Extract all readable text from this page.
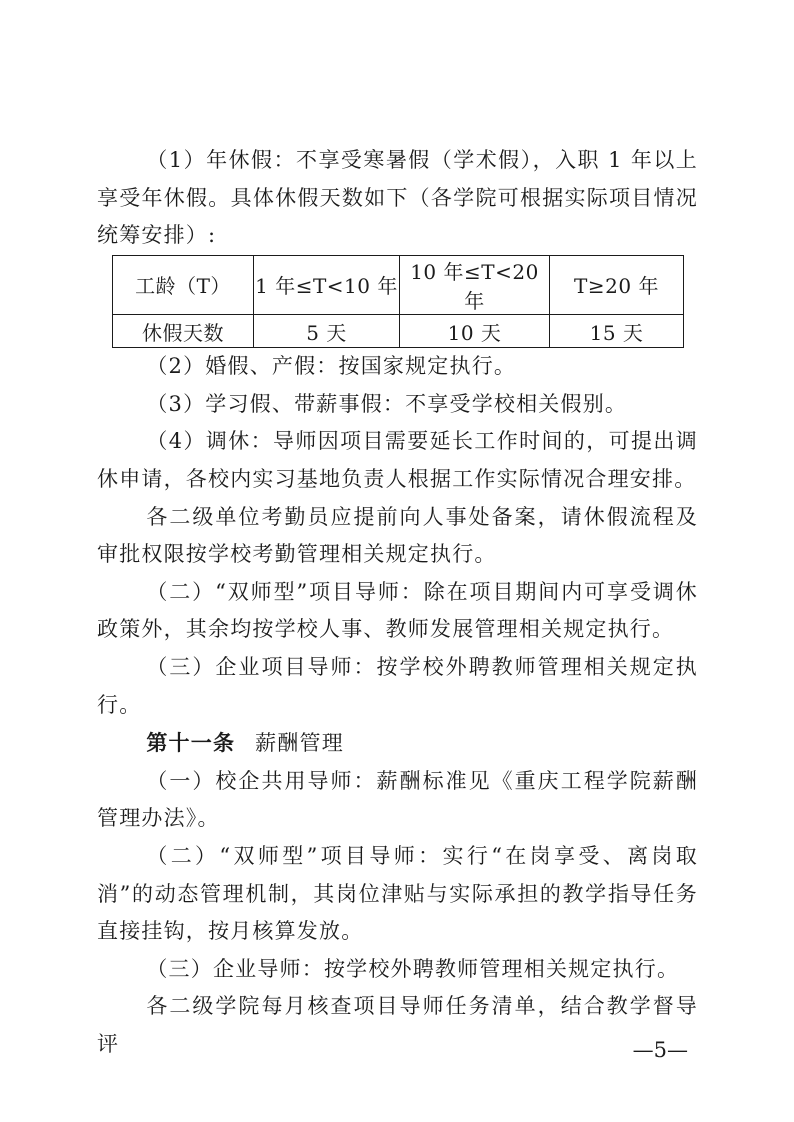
（1）年休假：不享受寒暑假（学术假），入职 1 年以上享受年休假。具体休假天数如下（各学院可根据实际项目情况统筹安排）:

工龄（T）	1 年≤T<10 年	10 年≤T<20 年	T≥20 年
休假天数	5 天	10 天	15 天

（2）婚假、产假：按国家规定执行。

（3）学习假、带薪事假：不享受学校相关假别。

（4）调休：导师因项目需要延长工作时间的，可提出调休申请，各校内实习基地负责人根据工作实际情况合理安排。

各二级单位考勤员应提前向人事处备案，请休假流程及审批权限按学校考勤管理相关规定执行。

（二）“双师型”项目导师：除在项目期间内可享受调休政策外，其余均按学校人事、教师发展管理相关规定执行。

（三）企业项目导师：按学校外聘教师管理相关规定执行。

第十一条 薪酬管理

（一）校企共用导师：薪酬标准见《重庆工程学院薪酬管理办法》。

（二）“双师型”项目导师：实行“在岗享受、离岗取消”的动态管理机制，其岗位津贴与实际承担的教学指导任务直接挂钩，按月核算发放。

（三）企业导师：按学校外聘教师管理相关规定执行。

各二级学院每月核查项目导师任务清单，结合教学督导评	—5—
